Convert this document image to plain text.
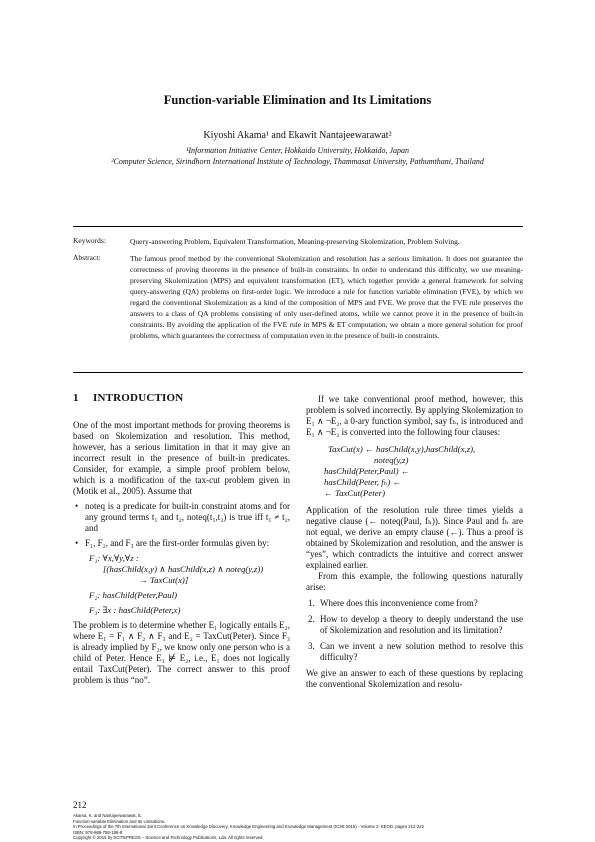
Function-variable Elimination and Its Limitations
Kiyoshi Akama¹ and Ekawit Nantajeewarawat²
¹Information Initiative Center, Hokkaido University, Hokkaido, Japan
²Computer Science, Sirindhorn International Institute of Technology, Thammasat University, Pathumthani, Thailand
Keywords:	Query-answering Problem, Equivalent Transformation, Meaning-preserving Skolemization, Problem Solving.
Abstract:	The famous proof method by the conventional Skolemization and resolution has a serious limitation. It does not guarantee the correctness of proving theorems in the presence of built-in constraints. In order to understand this difficulty, we use meaning-preserving Skolemization (MPS) and equivalent transformation (ET), which together provide a general framework for solving query-answering (QA) problems on first-order logic. We introduce a rule for function variable elimination (FVE), by which we regard the conventional Skolemization as a kind of the composition of MPS and FVE. We prove that the FVE rule preserves the answers to a class of QA problems consisting of only user-defined atoms, while we cannot prove it in the presence of built-in constraints. By avoiding the application of the FVE rule in MPS & ET computation, we obtain a more general solution for proof problems, which guarantees the correctness of computation even in the presence of built-in constraints.
1 INTRODUCTION

One of the most important methods for proving theorems is based on Skolemization and resolution. This method, however, has a serious limitation in that it may give an incorrect result in the presence of built-in predicates. Consider, for example, a simple proof problem below, which is a modification of the tax-cut problem given in (Motik et al., 2005). Assume that

• noteq is a predicate for built-in constraint atoms and for any ground terms t₁ and t₂, noteq(t₁,t₂) is true iff t₁ ≠ t₂, and
• F₁, F₂, and F₃ are the first-order formulas given by:
F₁: ∀x,∀y,∀z :
[(hasChild(x,y) ∧ hasChild(x,z) ∧ noteq(y,z))
→ TaxCut(x)]
F₂: hasChild(Peter,Paul)
F₃: ∃x : hasChild(Peter,x)

The problem is to determine whether E₁ logically entails E₂, where E₁ = F₁ ∧ F₂ ∧ F₃ and E₂ = TaxCut(Peter). Since F₃ is already implied by F₂, we know only one person who is a child of Peter. Hence E₁ ⊭ E₂, i.e., E₁ does not logically entail TaxCut(Peter). The correct answer to this proof problem is thus “no”.

If we take conventional proof method, however, this problem is solved incorrectly. By applying Skolemization to E₁ ∧ ¬E₂, a 0-ary function symbol, say fₕ, is introduced and E₁ ∧ ¬E₂ is converted into the following four clauses:

TaxCut(x) ← hasChild(x,y),hasChild(x,z),
noteq(y,z)
hasChild(Peter,Paul) ←
hasChild(Peter, fₕ) ←
← TaxCut(Peter)

Application of the resolution rule three times yields a negative clause (← noteq(Paul, fₕ)). Since Paul and fₕ are not equal, we derive an empty clause (←). Thus a proof is obtained by Skolemization and resolution, and the answer is “yes”, which contradicts the intuitive and correct answer explained earlier.

From this example, the following questions naturally arise:

1. Where does this inconvenience come from?
2. How to develop a theory to deeply understand the use of Skolemization and resolution and its limitation?
3. Can we invent a new solution method to resolve this difficulty?

We give an answer to each of these questions by replacing the conventional Skolemization and resolu-

212
Akama, K. and Nantajeewarawat, E.
Function-variable Elimination and Its Limitations.
In Proceedings of the 7th International Joint Conference on Knowledge Discovery, Knowledge Engineering and Knowledge Management (IC3K 2015) - Volume 2: KEOD, pages 212-222
ISBN: 978-989-758-158-8
Copyright © 2015 by SCITEPRESS – Science and Technology Publications, Lda. All rights reserved
